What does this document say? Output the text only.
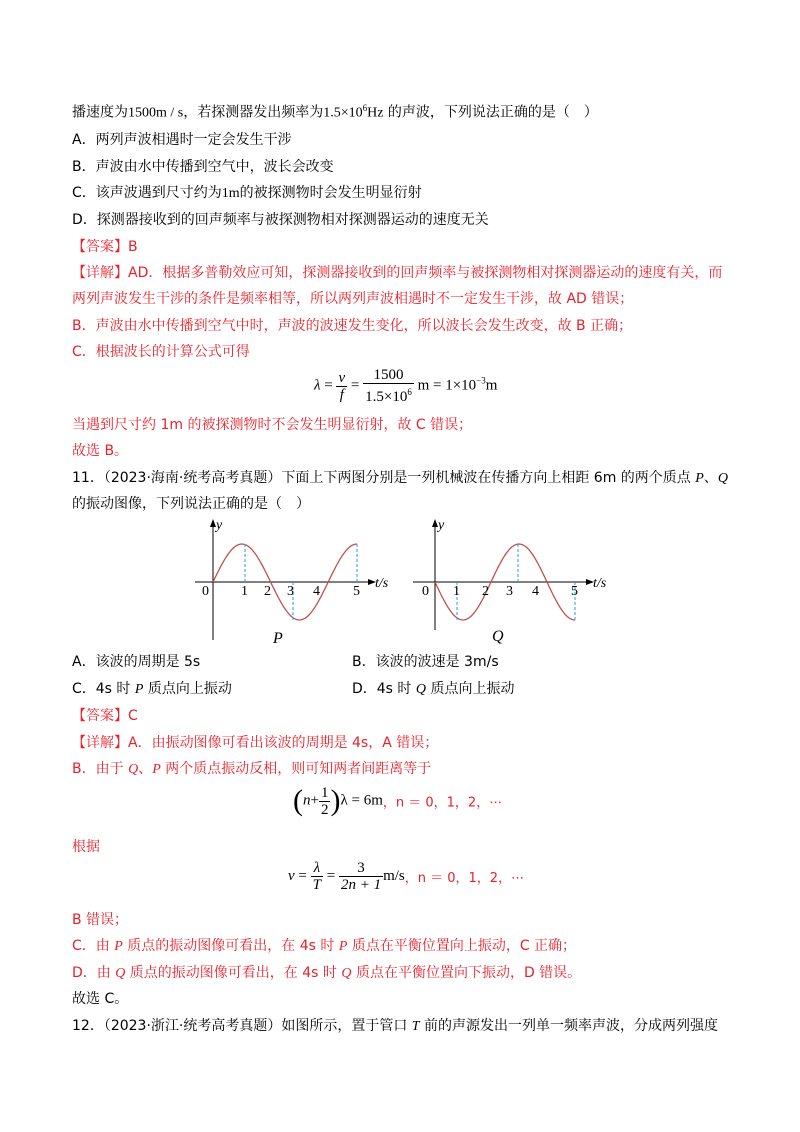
播速度为1500m / s，若探测器发出频率为$1.5\times 10^6Hz$ 的声波，下列说法正确的是（　）
A．两列声波相遇时一定会发生干涉
B．声波由水中传播到空气中，波长会改变
C．该声波遇到尺寸约为1m的被探测物时会发生明显衍射
D．探测器接收到的回声频率与被探测物相对探测器运动的速度无关
【答案】B
【详解】AD．根据多普勒效应可知，探测器接收到的回声频率与被探测物相对探测器运动的速度有关，而
两列声波发生干涉的条件是频率相等，所以两列声波相遇时不一定发生干涉，故 AD 错误；
B．声波由水中传播到空气中时，声波的波速发生变化，所以波长会发生改变，故 B 正确；
C．根据波长的计算公式可得
$\lambda = \frac{v}{f} = \frac{1500}{1.5\times 10^6}$ $m = 1\times 10^{-3}m$
当遇到尺寸约 1m 的被探测物时不会发生明显衍射，故 C 错误；
故选 B。
11．（2023·海南·统考高考真题）下面上下两图分别是一列机械波在传播方向上相距 6m 的两个质点 P、Q
的振动图像，下列说法正确的是（　）
y
t/s
0 1 2 3 4 5
P
y
t/s
0 1 2 3 4 5
Q
A．该波的周期是 5s	B．该波的波速是 3m/s
C．4s 时 P 质点向上振动	D．4s 时 Q 质点向上振动
【答案】C
【详解】A．由振动图像可看出该波的周期是 4s，A 错误；
B．由于 Q、P 两个质点振动反相，则可知两者间距离等于
$(n+ \frac{1}{2} )\lambda = 6m$，n ＝ 0，1，2，⋯
根据
$v = \frac{\lambda}{T} = \frac{3}{2n + 1} m/s$，n ＝ 0，1，2，⋯
B 错误；
C．由 P 质点的振动图像可看出，在 4s 时 P 质点在平衡位置向上振动，C 正确；
D．由 Q 质点的振动图像可看出，在 4s 时 Q 质点在平衡位置向下振动，D 错误。
故选 C。
12．（2023·浙江·统考高考真题）如图所示，置于管口 T 前的声源发出一列单一频率声波，分成两列强度
